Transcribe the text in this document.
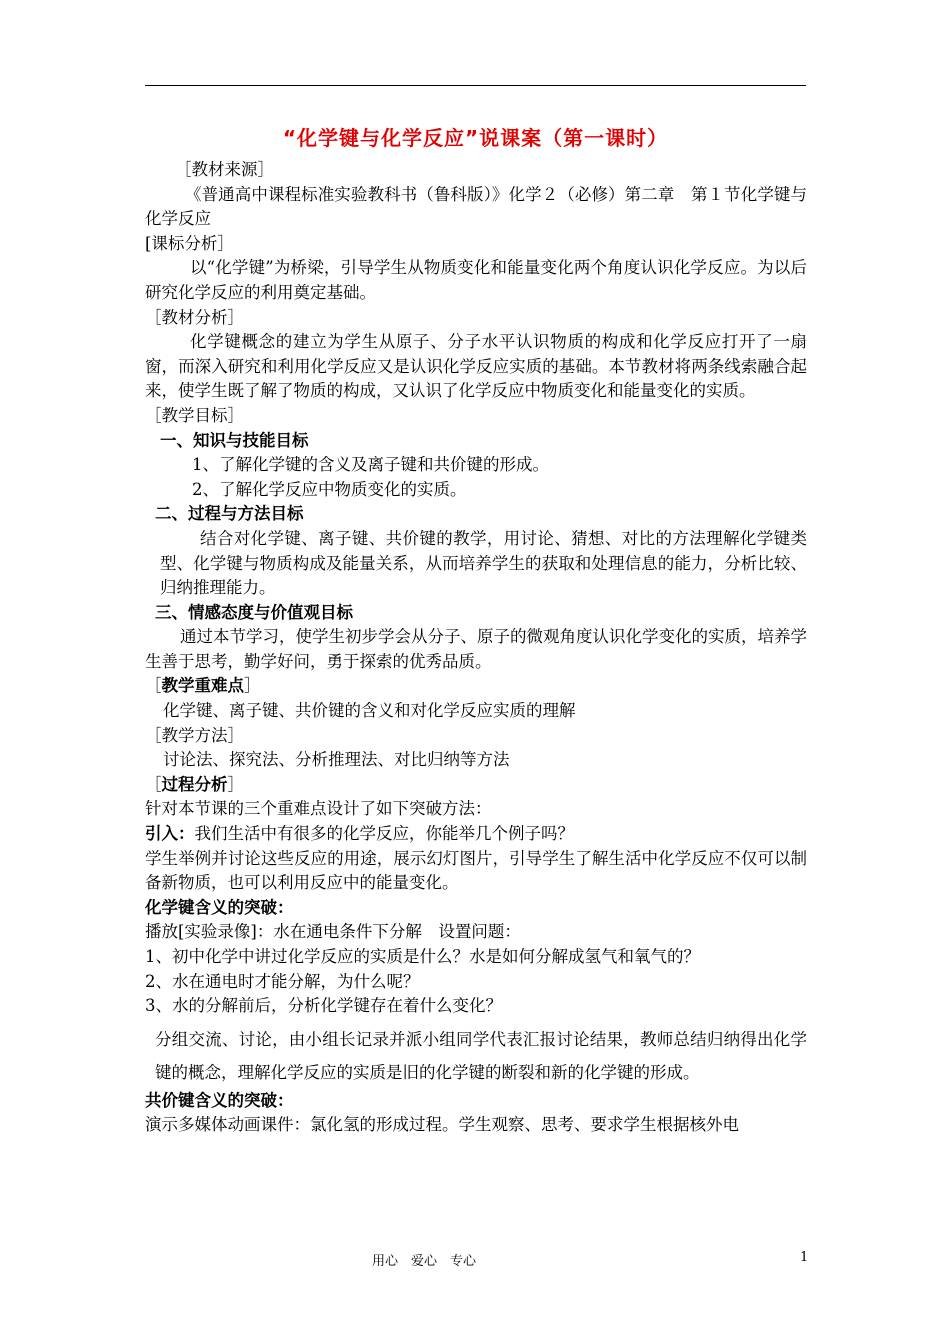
“化学键与化学反应”说课案（第一课时）

［教材来源］

《普通高中课程标准实验教科书（鲁科版）》化学２（必修）第二章　第１节化学键与化学反应

[课标分析］

以“化学键”为桥梁，引导学生从物质变化和能量变化两个角度认识化学反应。为以后研究化学反应的利用奠定基础。

［教材分析］

化学键概念的建立为学生从原子、分子水平认识物质的构成和化学反应打开了一扇窗，而深入研究和利用化学反应又是认识化学反应实质的基础。本节教材将两条线索融合起来，使学生既了解了物质的构成，又认识了化学反应中物质变化和能量变化的实质。

［教学目标］

一、知识与技能目标

1、了解化学键的含义及离子键和共价键的形成。

2、了解化学反应中物质变化的实质。

二、过程与方法目标

结合对化学键、离子键、共价键的教学，用讨论、猜想、对比的方法理解化学键类型、化学键与物质构成及能量关系，从而培养学生的获取和处理信息的能力，分析比较、归纳推理能力。

三、情感态度与价值观目标

通过本节学习，使学生初步学会从分子、原子的微观角度认识化学变化的实质，培养学生善于思考，勤学好问，勇于探索的优秀品质。

［教学重难点］

化学键、离子键、共价键的含义和对化学反应实质的理解

［教学方法］

讨论法、探究法、分析推理法、对比归纳等方法

［过程分析］

针对本节课的三个重难点设计了如下突破方法：

引入：我们生活中有很多的化学反应，你能举几个例子吗？

学生举例并讨论这些反应的用途，展示幻灯图片，引导学生了解生活中化学反应不仅可以制备新物质，也可以利用反应中的能量变化。

化学键含义的突破：

播放[实验录像]：水在通电条件下分解　设置问题：

1、初中化学中讲过化学反应的实质是什么？水是如何分解成氢气和氧气的？

2、水在通电时才能分解，为什么呢？

3、水的分解前后，分析化学键存在着什么变化？

分组交流、讨论，由小组长记录并派小组同学代表汇报讨论结果，教师总结归纳得出化学键的概念，理解化学反应的实质是旧的化学键的断裂和新的化学键的形成。

共价键含义的突破：

演示多媒体动画课件：氯化氢的形成过程。学生观察、思考、要求学生根据核外电

用心　爱心　专心	1
